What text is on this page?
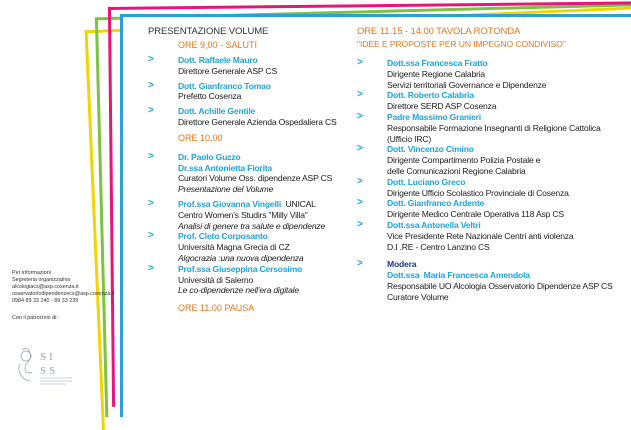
Per informazioni
Segreteria organizzativa
alcologiacs@asp.cosenza.it
osservatoriodipendenzecs@asp.cosenza.it
0984 89 33 240 - 89 33 239
Con il patrocinio di:
SI
SS
PRESENTAZIONE VOLUME
ORE 9,00 - SALUTI
>	Dott. Raffaele Mauro
Direttore Generale ASP CS
>	Dott. Gianfranco Tomao
Prefetto Cosenza
>	Dott. Achille Gentile
Direttore Generale Azienda Ospedaliera CS
ORE 10,00
>	Dr. Paolo Guzzo
Dr.ssa Antonietta Fiorita
Curatori Volume Oss. dipendenze ASP CS
Presentazione del Volume
>	Prof.ssa Giovanna Vingelli  UNICAL
Centro Women's Studirs "Milly Villa"
Analisi di genere tra salute e dipendenze
>	Prof. Cleto Corposanto
Università Magna Grecia di CZ
Algocrazia :una nuova dipendenza
>	Prof.ssa Giuseppina Cersosimo
Università di Salerno
Le co-dipendenze nell'era digitale
ORE 11.00 PAUSA
ORE 11.15 - 14.00 TAVOLA ROTONDA
"IDEE E PROPOSTE PER UN IMPEGNO CONDIVISO"
>	Dott.ssa Francesca Fratto
Dirigente Regione Calabria
Servizi territoriali Governance e Dipendenze
>	Dott. Roberto Calabria
Direttore SERD ASP Cosenza
>	Padre Massimo Granieri
Responsabile Formazione Insegnanti di Religione Cattolica
(Ufficio IRC)
>	Dott. Vincenzo Cimino
Dirigente Compartimento Polizia Postale e
delle Comunicazioni Regione Calabria
>	Dott. Luciano Greco
Dirigente Ufficio Scolastico Provinciale di Cosenza
>	Dott. Gianfranco Ardente
Dirigente Medico Centrale Operativa 118 Asp CS
>	Dott.ssa Antonella Veltri
Vice Presidente Rete Nazionale Centri anti violenza
D.I .RE - Centro Lanzino CS
>	Modera
Dott.ssa  Maria Francesca Amendola
Responsabile UO Alcologia Osservatorio Dipendenze ASP CS
Curatore Volume
